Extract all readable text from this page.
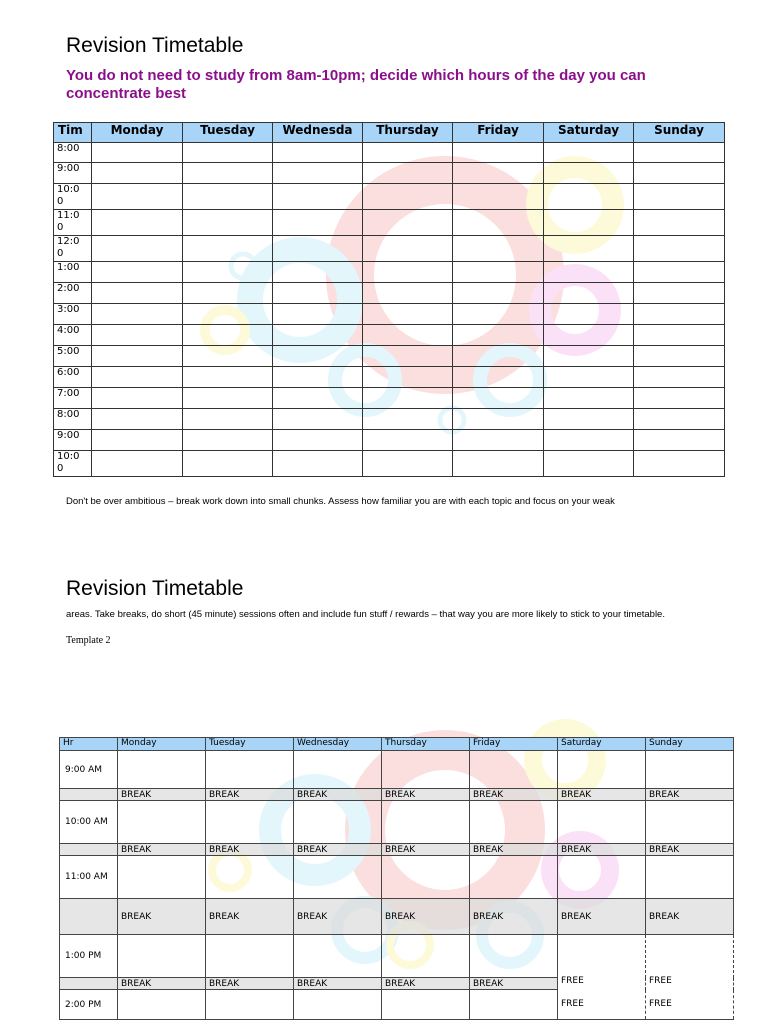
Revision Timetable
You do not need to study from 8am-10pm; decide which hours of the day you can concentrate best
Tim	Monday	Tuesday	Wednesda	Thursday	Friday	Saturday	Sunday

8:00							

9:00							

10:00							

11:00							

12:00							

1:00							

2:00							

3:00							

4:00							

5:00							

6:00							

7:00							

8:00							

9:00							

10:00							

Don't be over ambitious – break work down into small chunks. Assess how familiar you are with each topic and focus on your weak
Revision Timetable
areas. Take breaks, do short (45 minute) sessions often and include fun stuff / rewards – that way you are more likely to stick to your timetable.
Template 2
Hr	Monday	Tuesday	Wednesday	Thursday	Friday	Saturday	Sunday
9:00 AM							
	BREAK	BREAK	BREAK	BREAK	BREAK	BREAK	BREAK
10:00 AM							
	BREAK	BREAK	BREAK	BREAK	BREAK	BREAK	BREAK
11:00 AM							
	BREAK	BREAK	BREAK	BREAK	BREAK	BREAK	BREAK
1:00 PM						FREE	FREE
	BREAK	BREAK	BREAK	BREAK	BREAK		
2:00 PM						FREE	FREE
